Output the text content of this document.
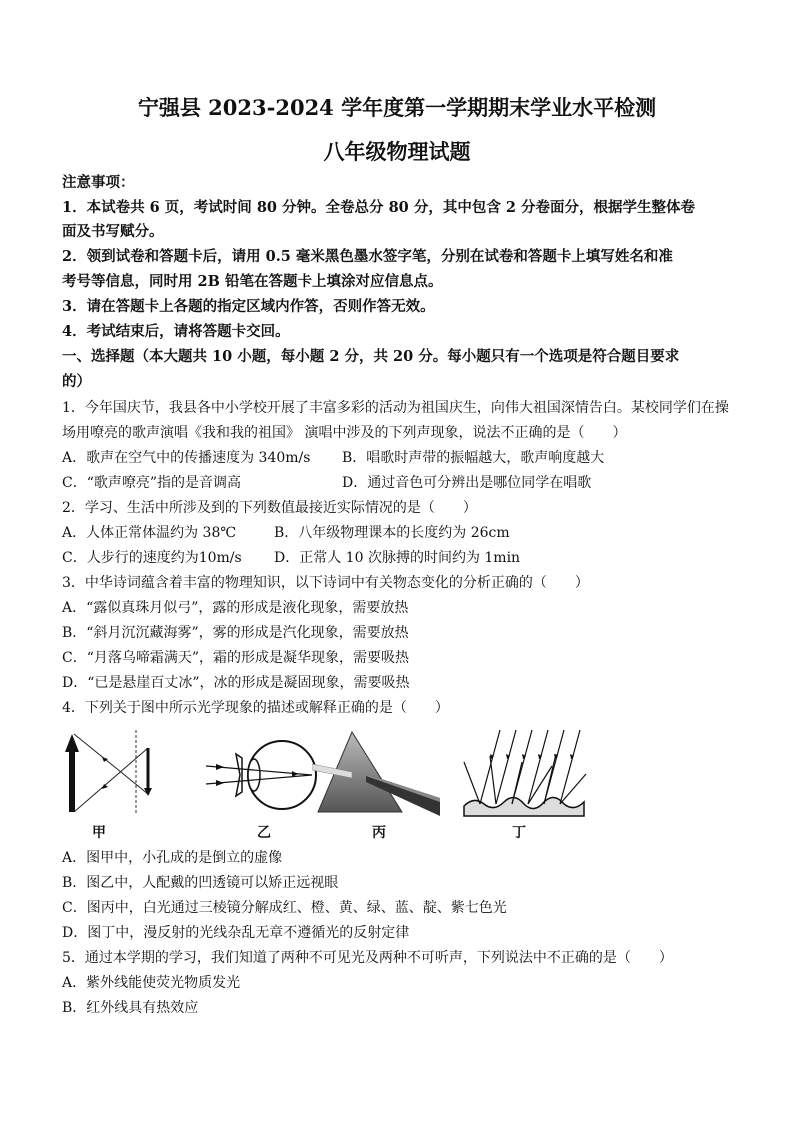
宁强县 2023-2024 学年度第一学期期末学业水平检测
八年级物理试题
注意事项：
1．本试卷共 6 页，考试时间 80 分钟。全卷总分 80 分，其中包含 2 分卷面分，根据学生整体卷
面及书写赋分。
2．领到试卷和答题卡后，请用 0.5 毫米黑色墨水签字笔，分别在试卷和答题卡上填写姓名和准
考号等信息，同时用 2B 铅笔在答题卡上填涂对应信息点。
3．请在答题卡上各题的指定区域内作答，否则作答无效。
4．考试结束后，请将答题卡交回。
一、选择题（本大题共 10 小题，每小题 2 分，共 20 分。每小题只有一个选项是符合题目要求
的）
1．今年国庆节，我县各中小学校开展了丰富多彩的活动为祖国庆生，向伟大祖国深情告白。某校同学们在操
场用嘹亮的歌声演唱《我和我的祖国》 演唱中涉及的下列声现象，说法不正确的是（　　）
A．歌声在空气中的传播速度为 340m/s	B．唱歌时声带的振幅越大，歌声响度越大
C．“歌声嘹亮”指的是音调高	D．通过音色可分辨出是哪位同学在唱歌
2．学习、生活中所涉及到的下列数值最接近实际情况的是（　　）
A．人体正常体温约为 38℃	B．八年级物理课本的长度约为 26cm
C．人步行的速度约为10m/s	D．正常人 10 次脉搏的时间约为 1min
3．中华诗词蕴含着丰富的物理知识，以下诗词中有关物态变化的分析正确的（　　）
A．“露似真珠月似弓”，露的形成是液化现象，需要放热
B．“斜月沉沉藏海雾”，雾的形成是汽化现象，需要放热
C．“月落乌啼霜满天”，霜的形成是凝华现象，需要吸热
D．“已是悬崖百丈冰”，冰的形成是凝固现象，需要吸热
4．下列关于图中所示光学现象的描述或解释正确的是（　　）
甲	乙	丙	丁
A．图甲中，小孔成的是倒立的虚像
B．图乙中，人配戴的凹透镜可以矫正远视眼
C．图丙中，白光通过三棱镜分解成红、橙、黄、绿、蓝、靛、紫七色光
D．图丁中，漫反射的光线杂乱无章不遵循光的反射定律
5．通过本学期的学习，我们知道了两种不可见光及两种不可听声，下列说法中不正确的是（　　）
A．紫外线能使荧光物质发光
B．红外线具有热效应
